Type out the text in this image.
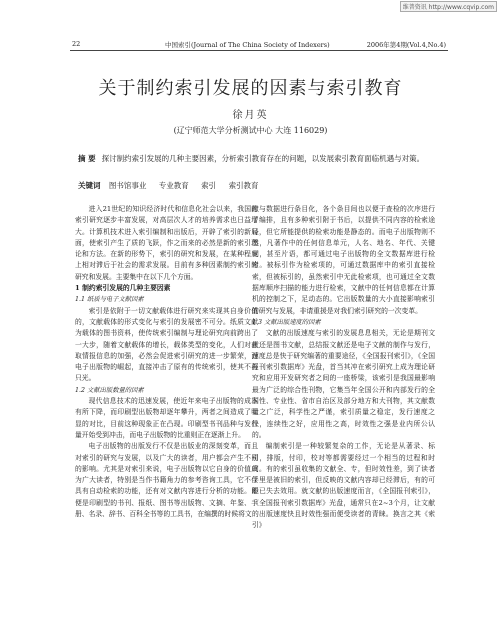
维普资讯 http://www.cqvip.com
22	中国索引(Journal of The China Society of Indexers)	2006年第4期(Vol.4,No.4)
关于制约索引发展的因素与索引教育
徐月英
(辽宁师范大学分析测试中心 大连 116029)
摘 要 探讨制约索引发展的几种主要因素，分析索引教育存在的问题，以发展索引教育面临机遇与对策。
关键词 图书馆事业 专业教育 索引 索引教育

进入21世纪的知识经济时代和信息化社会以来，我国的索引研究逐步丰富发展，对高层次人才的培养需求也日益增大。计算机技术进入索引编制和出版后，开辟了索引的新局面，使索引产生了质的飞跃，作之而来的必然是新的索引理论和方法。在新的形势下，索引的研究和发展，在某种程度上相对滞后于社会的需求发展。目前有多种因素制约索引的研究和发展。主要集中在以下几个方面。

1 制约索引发展的几种主要因素
1.1 纸质与电子文献因素

索引是依附于一切文献载体进行研究来实现其自身价值的，文献载体的形式变化与索引的发展密不可分。纸质文献为载体的图书资料，使传统索引编制与理论研究向前跨出了一大步，随着文献载体的增长，载体类型的变化，人们对获取情报信息的加强，必然会促进索引研究的进一步繁荣，而电子出版物的崛起，直接冲击了原有的传统索引，使其不再只光。

1.2 文献出版数量的因素

现代信息技术的迅速发展，使近年来电子出版物的成本有所下降，而印刷型出版物却逐年攀升，两者之间造成了明显的对比，目前这种现象正在凸现。印刷型书刊品种与发行量开始受到冲击，而电子出版物的比重则正在逐渐上升。

电子出版物的出版发行不仅是出版业的深刻变革，而且对索引的研究与发展，以及广大的读者，用户都会产生不同的影响。尤其是对索引来说，电子出版物以它自身的价值成为广大读者，特别是当作书籍角力的参考咨询工具，它不仅具有自动检索的功能，还有对文献内容进行分析的功能。即便是印刷型的书刊、报纸、图书等出版物、文摘、年鉴、手册、名录、辞书、百科全书等的工具书，在编撰的时候将文

献与数据进行条目化，各个条目间也以便于查检的次序进行了编排，且有多种索引附于书后，以提供不同内容的检索途径，但它所能提供的检索功能是静态的。而电子出版物则不然，凡著作中的任何信息单元，人名、地名、年代、关键词，甚至片语，都可通过电子出版物的全文数据库进行检索。被标引作为检索项的，可通过数据库中的索引直接检索，但被标引的，虽然索引中无此检索项，也可通过全文数据库顺序扫描的能力进行检索，文献中的任何信息都在计算机的控制之下，足动态的。它出版数量的大小直接影响索引的研究与发展，非请重援是对我们索引研究的一次变革。

1.3 文献出版速度的因素

文献的出版速度与索引的发展息息相关，无论是期刊文献还是图书文献，总结报文献还是电子文献的制作与发行，速度总是快于研究编著的重要途径，《全国报刊索引》，《全国报刊索引数据库》光盘，首当其冲在索引研究上成为理论研究和应用开发研究者之间的一座桥梁，该索引是我国最影响最为广泛的综合性刊物，它集当年全国公开和内部发行的全国性、专业性、省市自治区及部分地方和大刊物，其文献数量之广泛，科学性之严谨，索引质量之稳定，发行速度之快，连续性之好，应用性之高，时效性之强是业内所公认的。

编制索引是一种较繁复杂的工作，无论是从著录、标引，排版，付印，校对等都需要经过一个相当的过程和时间。有的索引虽收集的文献全、专，但时效性差，到了读者手里是被旧的索引，但反映的文献内容却已经滞后，有的可能已失去效用。就文献的出版速度而言，《全国报刊索引》，《全国报刊索引数据库》光盘，通常只在2~3个月，让文献的出版速度快且时效性强而便受读者的青睐。换言之其《索引》
